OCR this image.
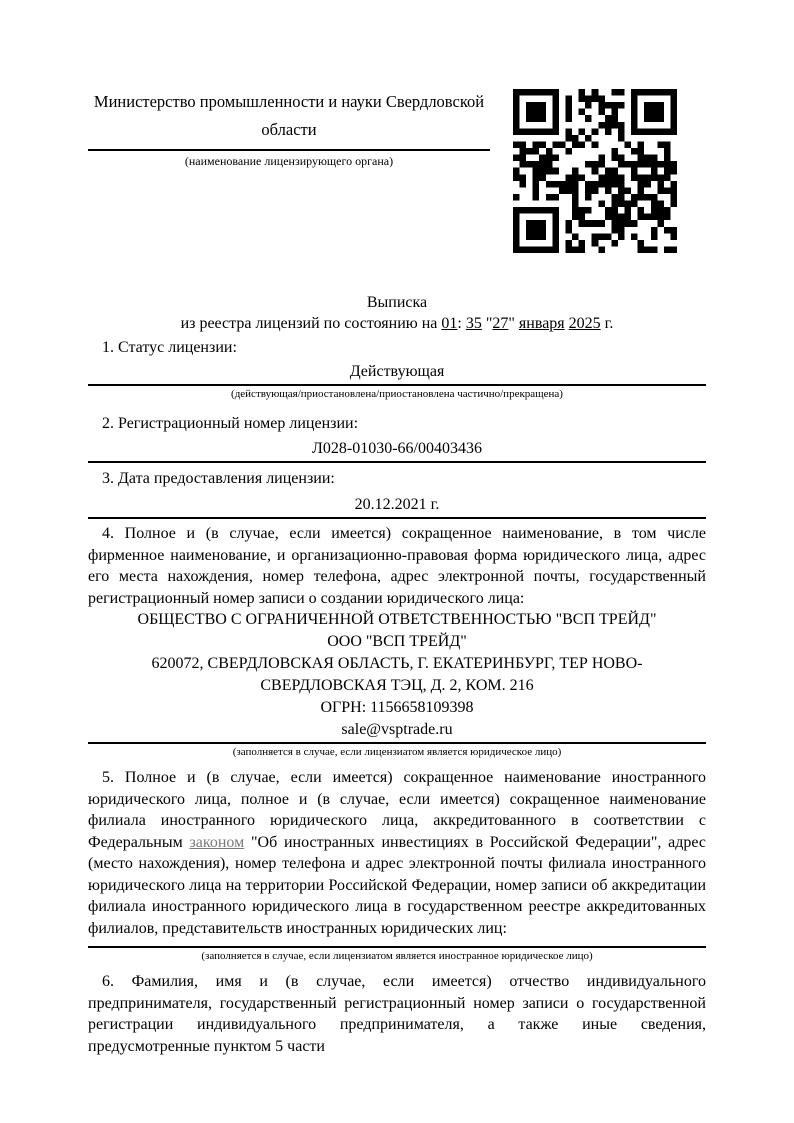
Министерство промышленности и науки Свердловской области
(наименование лицензирующего органа)
Выписка
из реестра лицензий по состоянию на 01: 35 "27" января 2025 г.
1. Статус лицензии:
Действующая
(действующая/приостановлена/приостановлена частично/прекращена)
2. Регистрационный номер лицензии:
Л028-01030-66/00403436
3. Дата предоставления лицензии:
20.12.2021 г.
4. Полное и (в случае, если имеется) сокращенное наименование, в том числе фирменное наименование, и организационно-правовая форма юридического лица, адрес его места нахождения, номер телефона, адрес электронной почты, государственный регистрационный номер записи о создании юридического лица:
ОБЩЕСТВО С ОГРАНИЧЕННОЙ ОТВЕТСТВЕННОСТЬЮ "ВСП ТРЕЙД"
ООО "ВСП ТРЕЙД"
620072, СВЕРДЛОВСКАЯ ОБЛАСТЬ, Г. ЕКАТЕРИНБУРГ, ТЕР НОВО-
СВЕРДЛОВСКАЯ ТЭЦ, Д. 2, КОМ. 216
ОГРН: 1156658109398
sale@vsptrade.ru
(заполняется в случае, если лицензиатом является юридическое лицо)
5. Полное и (в случае, если имеется) сокращенное наименование иностранного юридического лица, полное и (в случае, если имеется) сокращенное наименование филиала иностранного юридического лица, аккредитованного в соответствии с Федеральным законом "Об иностранных инвестициях в Российской Федерации", адрес (место нахождения), номер телефона и адрес электронной почты филиала иностранного юридического лица на территории Российской Федерации, номер записи об аккредитации филиала иностранного юридического лица в государственном реестре аккредитованных филиалов, представительств иностранных юридических лиц:
(заполняется в случае, если лицензиатом является иностранное юридическое лицо)
6. Фамилия, имя и (в случае, если имеется) отчество индивидуального предпринимателя, государственный регистрационный номер записи о государственной регистрации индивидуального предпринимателя, а также иные сведения, предусмотренные пунктом 5 части
